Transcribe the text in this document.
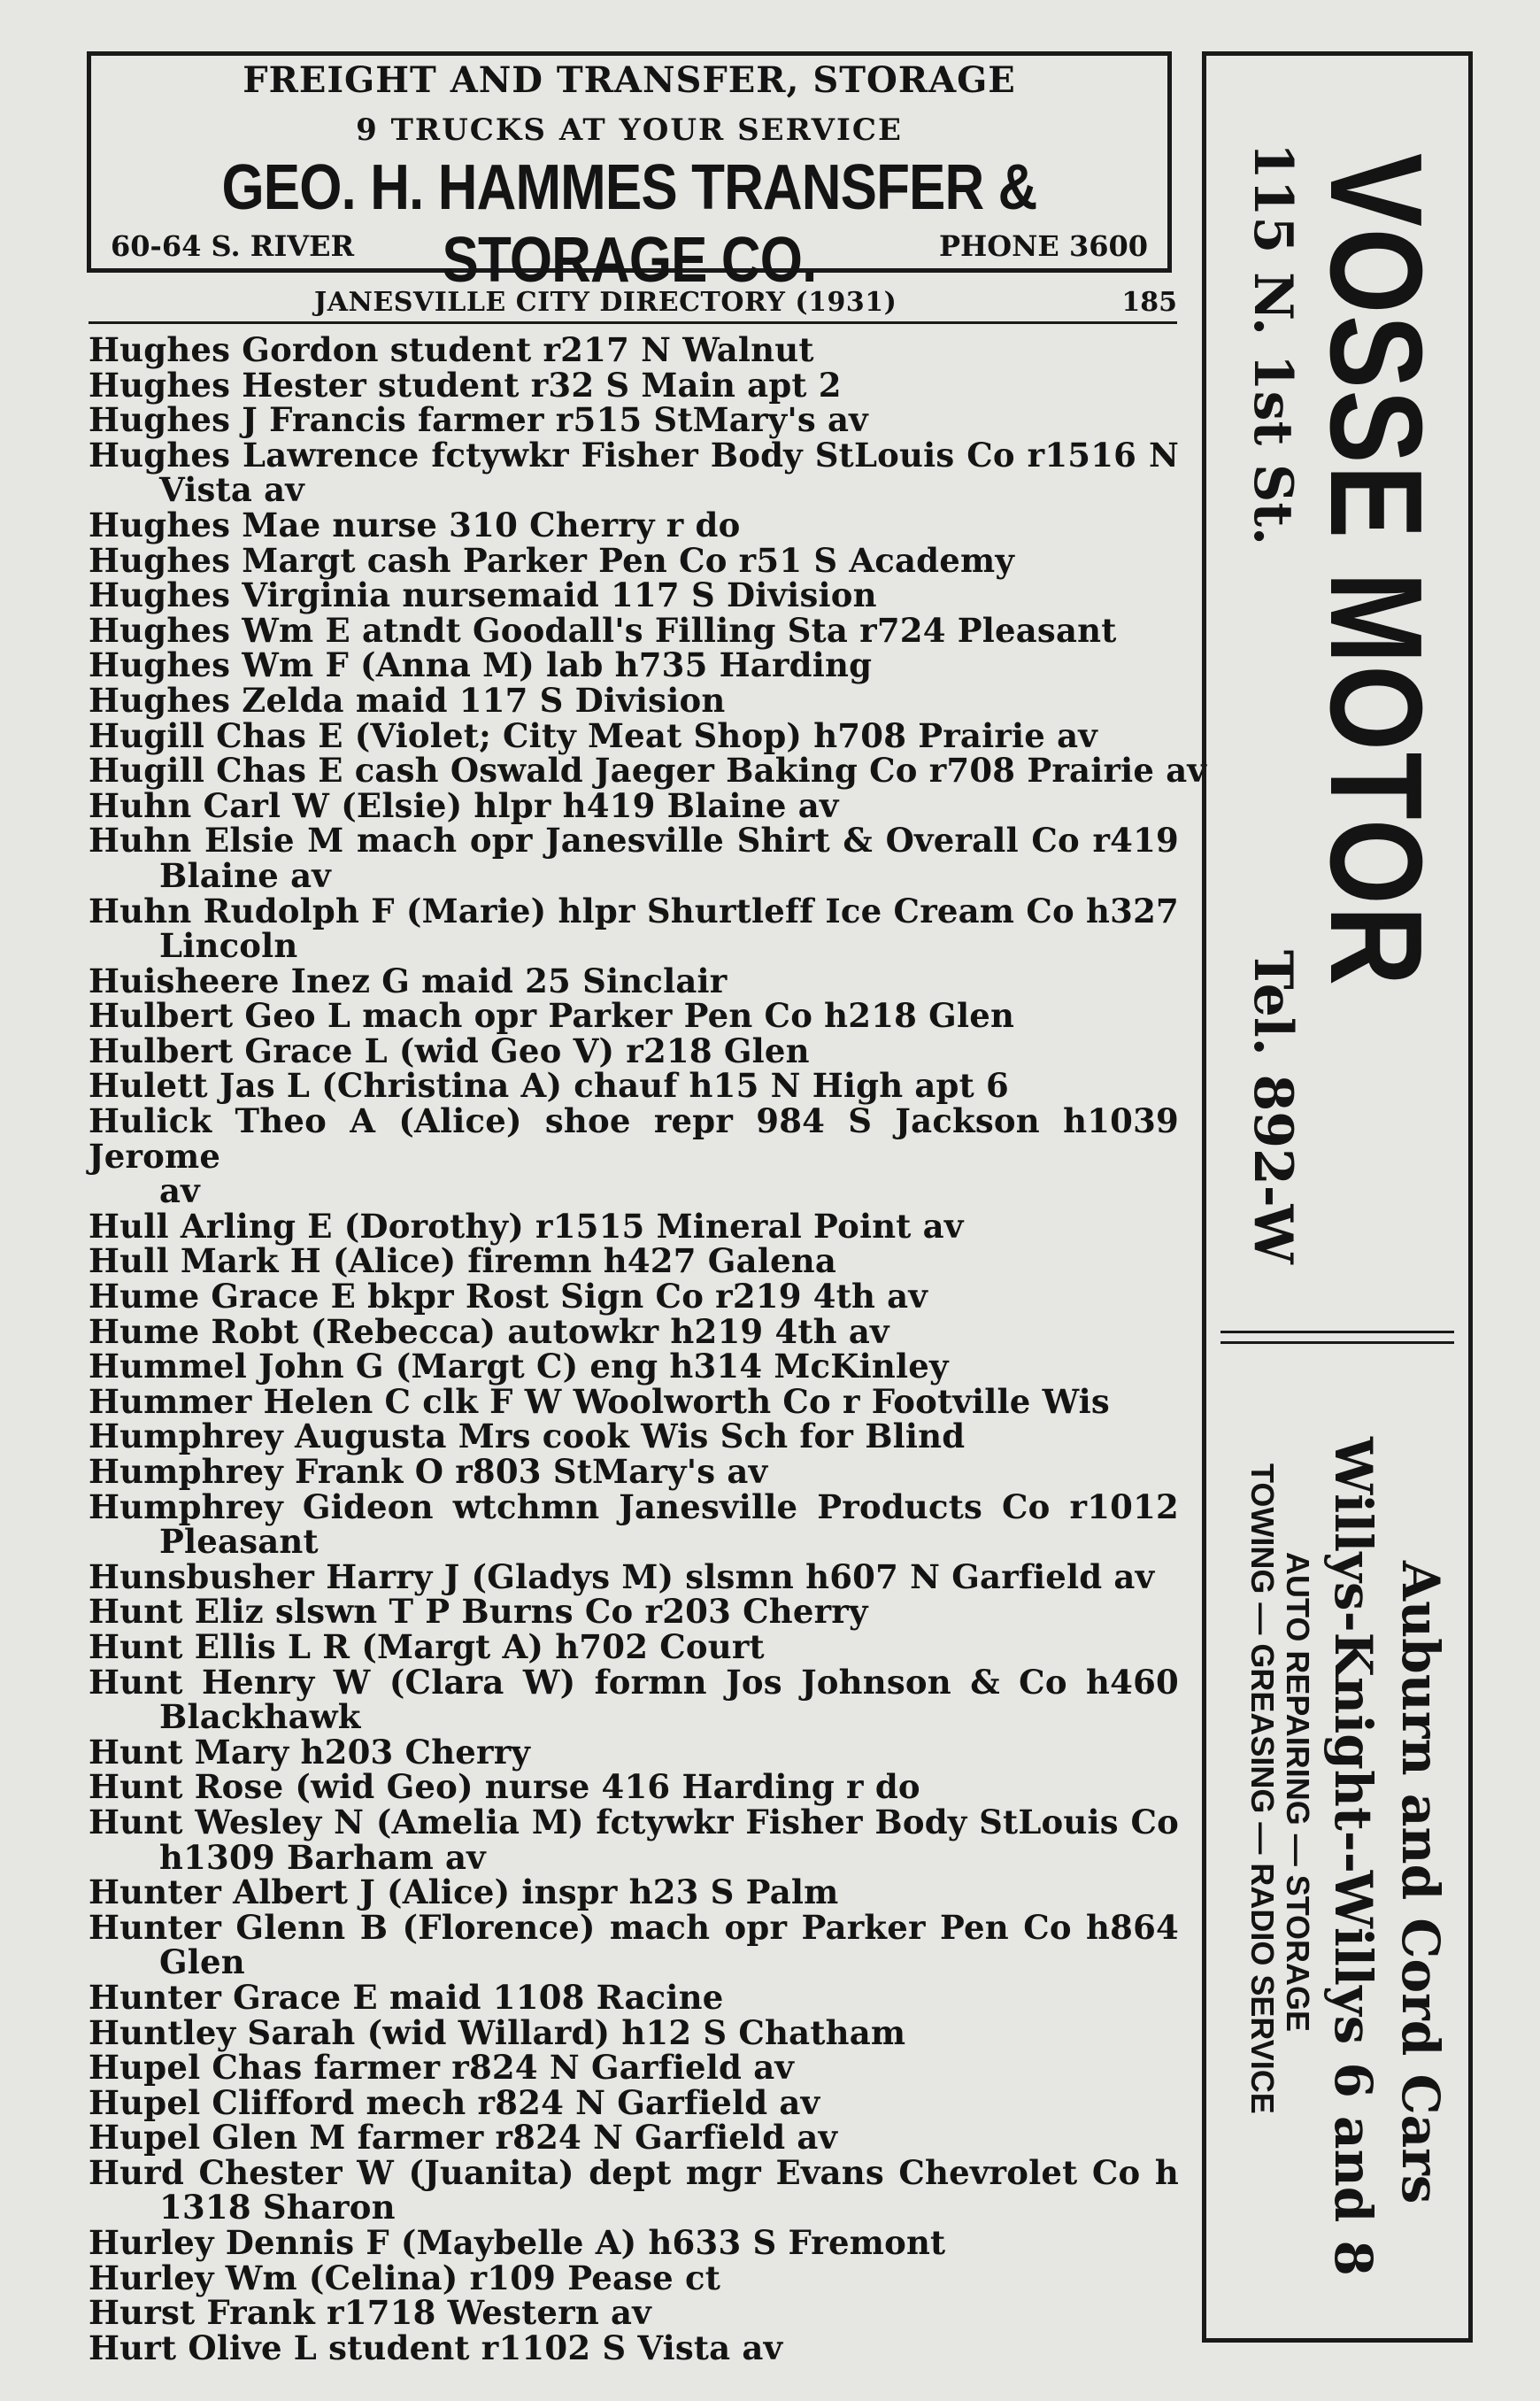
FREIGHT AND TRANSFER, STORAGE
9 TRUCKS AT YOUR SERVICE
GEO. H. HAMMES TRANSFER & STORAGE CO.
60-64 S. RIVER	PHONE 3600
JANESVILLE CITY DIRECTORY (1931)	185
Hughes Gordon student r217 N Walnut
Hughes Hester student r32 S Main apt 2
Hughes J Francis farmer r515 StMary's av
Hughes Lawrence fctywkr Fisher Body StLouis Co r1516 N
Vista av
Hughes Mae nurse 310 Cherry r do
Hughes Margt cash Parker Pen Co r51 S Academy
Hughes Virginia nursemaid 117 S Division
Hughes Wm E atndt Goodall's Filling Sta r724 Pleasant
Hughes Wm F (Anna M) lab h735 Harding
Hughes Zelda maid 117 S Division
Hugill Chas E (Violet; City Meat Shop) h708 Prairie av
Hugill Chas E cash Oswald Jaeger Baking Co r708 Prairie av
Huhn Carl W (Elsie) hlpr h419 Blaine av
Huhn Elsie M mach opr Janesville Shirt & Overall Co r419
Blaine av
Huhn Rudolph F (Marie) hlpr Shurtleff Ice Cream Co h327
Lincoln
Huisheere Inez G maid 25 Sinclair
Hulbert Geo L mach opr Parker Pen Co h218 Glen
Hulbert Grace L (wid Geo V) r218 Glen
Hulett Jas L (Christina A) chauf h15 N High apt 6
Hulick Theo A (Alice) shoe repr 984 S Jackson h1039 Jerome
av
Hull Arling E (Dorothy) r1515 Mineral Point av
Hull Mark H (Alice) firemn h427 Galena
Hume Grace E bkpr Rost Sign Co r219 4th av
Hume Robt (Rebecca) autowkr h219 4th av
Hummel John G (Margt C) eng h314 McKinley
Hummer Helen C clk F W Woolworth Co r Footville Wis
Humphrey Augusta Mrs cook Wis Sch for Blind
Humphrey Frank O r803 StMary's av
Humphrey Gideon wtchmn Janesville Products Co r1012
Pleasant
Hunsbusher Harry J (Gladys M) slsmn h607 N Garfield av
Hunt Eliz slswn T P Burns Co r203 Cherry
Hunt Ellis L R (Margt A) h702 Court
Hunt Henry W (Clara W) formn Jos Johnson & Co h460
Blackhawk
Hunt Mary h203 Cherry
Hunt Rose (wid Geo) nurse 416 Harding r do
Hunt Wesley N (Amelia M) fctywkr Fisher Body StLouis Co
h1309 Barham av
Hunter Albert J (Alice) inspr h23 S Palm
Hunter Glenn B (Florence) mach opr Parker Pen Co h864
Glen
Hunter Grace E maid 1108 Racine
Huntley Sarah (wid Willard) h12 S Chatham
Hupel Chas farmer r824 N Garfield av
Hupel Clifford mech r824 N Garfield av
Hupel Glen M farmer r824 N Garfield av
Hurd Chester W (Juanita) dept mgr Evans Chevrolet Co h
1318 Sharon
Hurley Dennis F (Maybelle A) h633 S Fremont
Hurley Wm (Celina) r109 Pease ct
Hurst Frank r1718 Western av
Hurt Olive L student r1102 S Vista av
VOSSE MOTOR
115 N. 1st St.
Tel. 892-W
Auburn and Cord Cars
Willys-Knight--Willys 6 and 8
AUTO REPAIRING — STORAGE
TOWING — GREASING — RADIO SERVICE
